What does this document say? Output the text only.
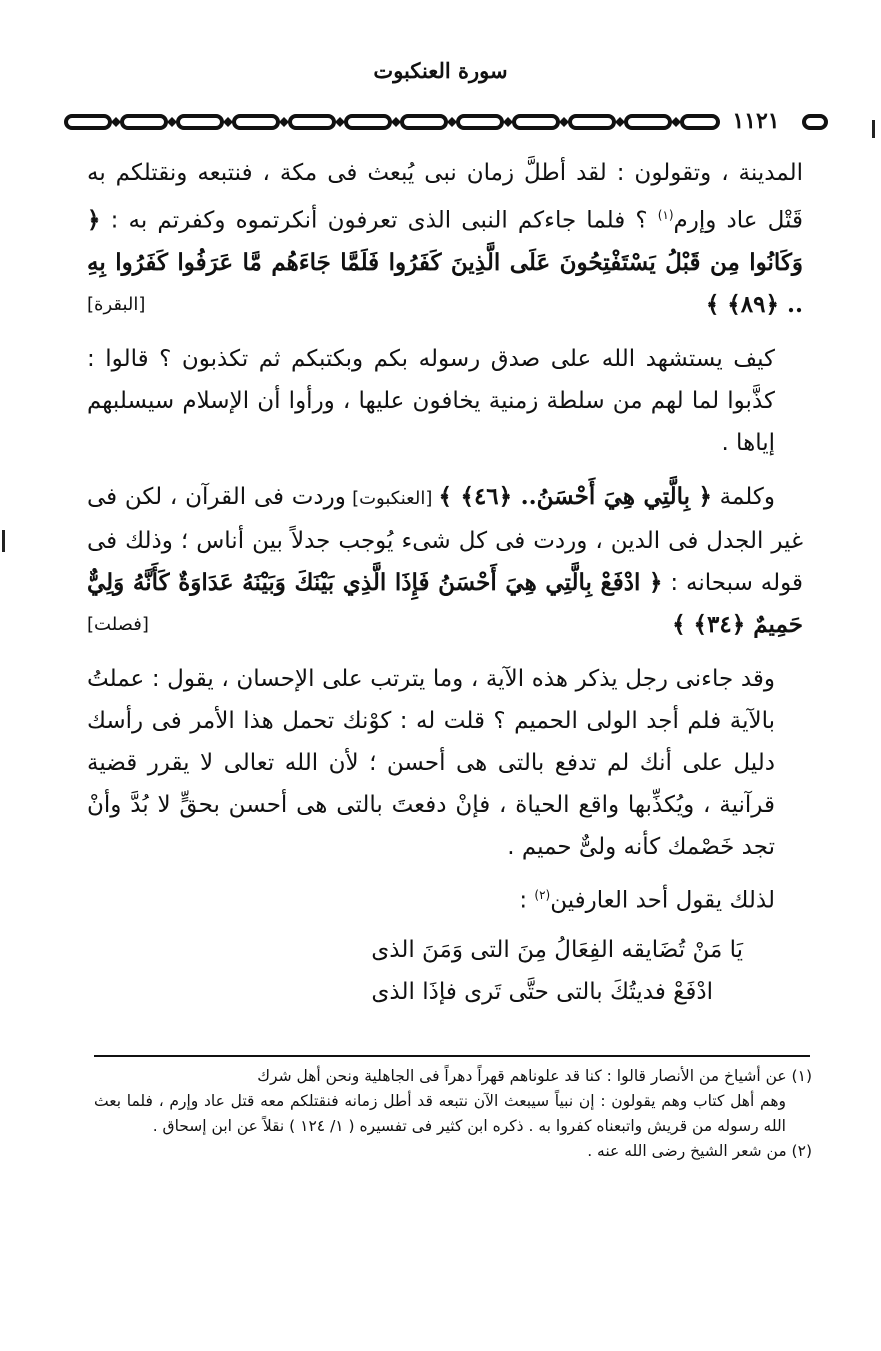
سورة العنكبوت
١١٢١

المدينة ، وتقولون : لقد أطلَّ زمان نبى يُبعث فى مكة ، فنتبعه ونقتلكم به قَتْل عاد وإرم$^{(١)}$ ؟ فلما جاءكم النبى الذى تعرفون أنكرتموه وكفرتم به : ﴿ وَكَانُوا مِن قَبْلُ يَسْتَفْتِحُونَ عَلَى الَّذِينَ كَفَرُوا فَلَمَّا جَاءَهُم مَّا عَرَفُوا كَفَرُوا بِهِ .. ﴿٨٩﴾ ﴾
[البقرة]

كيف يستشهد الله على صدق رسوله بكم وبكتبكم ثم تكذبون ؟ قالوا : كذَّبوا لما لهم من سلطة زمنية يخافون عليها ، ورأوا أن الإسلام سيسلبهم إياها .

وكلمة ﴿ بِالَّتِي هِيَ أَحْسَنُ.. ﴿٤٦﴾ ﴾ [العنكبوت] وردت فى القرآن ، لكن فى غير الجدل فى الدين ، وردت فى كل شىء يُوجب جدلاً بين أناس ؛ وذلك فى قوله سبحانه : ﴿ ادْفَعْ بِالَّتِي هِيَ أَحْسَنُ فَإِذَا الَّذِي بَيْنَكَ وَبَيْنَهُ عَدَاوَةٌ كَأَنَّهُ وَلِيٌّ حَمِيمٌ ﴿٣٤﴾ ﴾
[فصلت]

وقد جاءنى رجل يذكر هذه الآية ، وما يترتب على الإحسان ، يقول : عملتُ بالآية فلم أجد الولى الحميم ؟ قلت له : كوْنك تحمل هذا الأمر فى رأسك دليل على أنك لم تدفع بالتى هى أحسن ؛ لأن الله تعالى لا يقرر قضية قرآنية ، ويُكذِّبها واقع الحياة ، فإنْ دفعتَ بالتى هى أحسن بحقٍّ لا بُدَّ وأنْ تجد خَصْمك كأنه ولىٌّ حميم .

لذلك يقول أحد العارفين$^{(٢)}$ :

يَا مَنْ تُضَايقه الفِعَالُ مِنَ التى وَمَنَ الذى

ادْفَعْ فديتُكَ بالتى حتَّى تَرى فإذَا الذى

(١) عن أشياخ من الأنصار قالوا : كنا قد علوناهم قهراً دهراً فى الجاهلية ونحن أهل شرك

وهم أهل كتاب وهم يقولون : إن نبياً سيبعث الآن نتبعه قد أطل زمانه فنقتلكم معه قتل عاد وإرم ، فلما بعث الله رسوله من قريش واتبعناه كفروا به . ذكره ابن كثير فى تفسيره ( ١/ ١٢٤ ) نقلاً عن ابن إسحاق .

(٢) من شعر الشيخ رضى الله عنه .
